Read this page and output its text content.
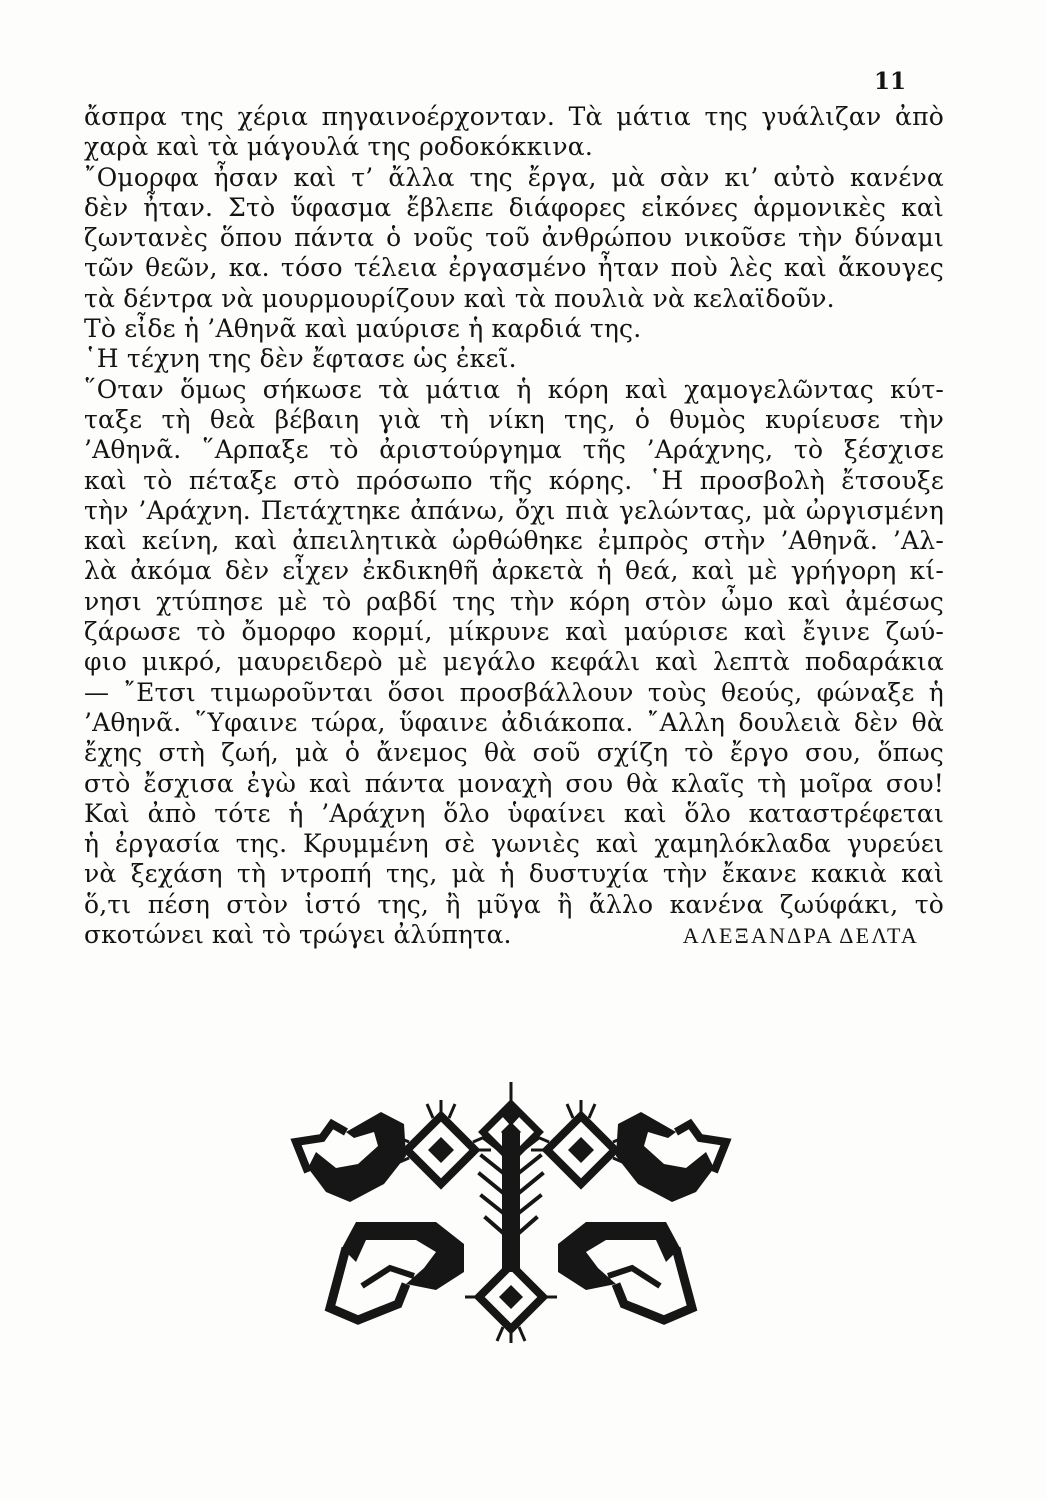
11
ἄσπρα της χέρια πηγαινοέρχονταν. Τὰ μάτια της γυάλιζαν ἀπὸ
χαρὰ καὶ τὰ μάγουλά της ροδοκόκκινα.
῎Ομορφα ἦσαν καὶ τ’ ἄλλα της ἔργα, μὰ σὰν κι’ αὐτὸ κανένα
δὲν ἦταν. Στὸ ὕφασμα ἔβλεπε διάφορες εἰκόνες ἁρμονικὲς καὶ
ζωντανὲς ὅπου πάντα ὁ νοῦς τοῦ ἀνθρώπου νικοῦσε τὴν δύναμι
τῶν θεῶν, κα. τόσο τέλεια ἐργασμένο ἦταν ποὺ λὲς καὶ ἄκουγες
τὰ δέντρα νὰ μουρμουρίζουν καὶ τὰ πουλιὰ νὰ κελαϊδοῦν.
Τὸ εἶδε ἡ ’Αθηνᾶ καὶ μαύρισε ἡ καρδιά της.
῾Η τέχνη της δὲν ἔφτασε ὡς ἐκεῖ.
῞Οταν ὅμως σήκωσε τὰ μάτια ἡ κόρη καὶ χαμογελῶντας κύτ-
ταξε τὴ θεὰ βέβαιη γιὰ τὴ νίκη της, ὁ θυμὸς κυρίευσε τὴν
’Αθηνᾶ. ῞Αρπαξε τὸ ἀριστούργημα τῆς ’Αράχνης, τὸ ξέσχισε
καὶ τὸ πέταξε στὸ πρόσωπο τῆς κόρης. ῾Η προσβολὴ ἔτσουξε
τὴν ’Αράχνη. Πετάχτηκε ἀπάνω, ὄχι πιὰ γελώντας, μὰ ὠργισμένη
καὶ κείνη, καὶ ἀπειλητικὰ ὠρθώθηκε ἐμπρὸς στὴν ’Αθηνᾶ. ’Αλ-
λὰ ἀκόμα δὲν εἶχεν ἐκδικηθῆ ἀρκετὰ ἡ θεά, καὶ μὲ γρήγορη κί-
νησι χτύπησε μὲ τὸ ραβδί της τὴν κόρη στὸν ὦμο καὶ ἀμέσως
ζάρωσε τὸ ὄμορφο κορμί, μίκρυνε καὶ μαύρισε καὶ ἔγινε ζωύ-
φιο μικρό, μαυρειδερὸ μὲ μεγάλο κεφάλι καὶ λεπτὰ ποδαράκια
— ῎Ετσι τιμωροῦνται ὅσοι προσβάλλουν τοὺς θεούς, φώναξε ἡ
’Αθηνᾶ. ῞Υφαινε τώρα, ὕφαινε ἀδιάκοπα. ῎Αλλη δουλειὰ δὲν θὰ
ἔχης στὴ ζωή, μὰ ὁ ἄνεμος θὰ σοῦ σχίζη τὸ ἔργο σου, ὅπως
στὸ ἔσχισα ἐγὼ καὶ πάντα μοναχὴ σου θὰ κλαῖς τὴ μοῖρα σου!
Καὶ ἀπὸ τότε ἡ ’Αράχνη ὅλο ὑφαίνει καὶ ὅλο καταστρέφεται
ἡ ἐργασία της. Κρυμμένη σὲ γωνιὲς καὶ χαμηλόκλαδα γυρεύει
νὰ ξεχάση τὴ ντροπή της, μὰ ἡ δυστυχία τὴν ἔκανε κακιὰ καὶ
ὅ,τι πέση στὸν ἱστό της, ἢ μῦγα ἢ ἄλλο κανένα ζωύφάκι, τὸ
σκοτώνει καὶ τὸ τρώγει ἀλύπητα.	ΑΛΕΞΑΝΔΡΑ ΔΕΛΤΑ
